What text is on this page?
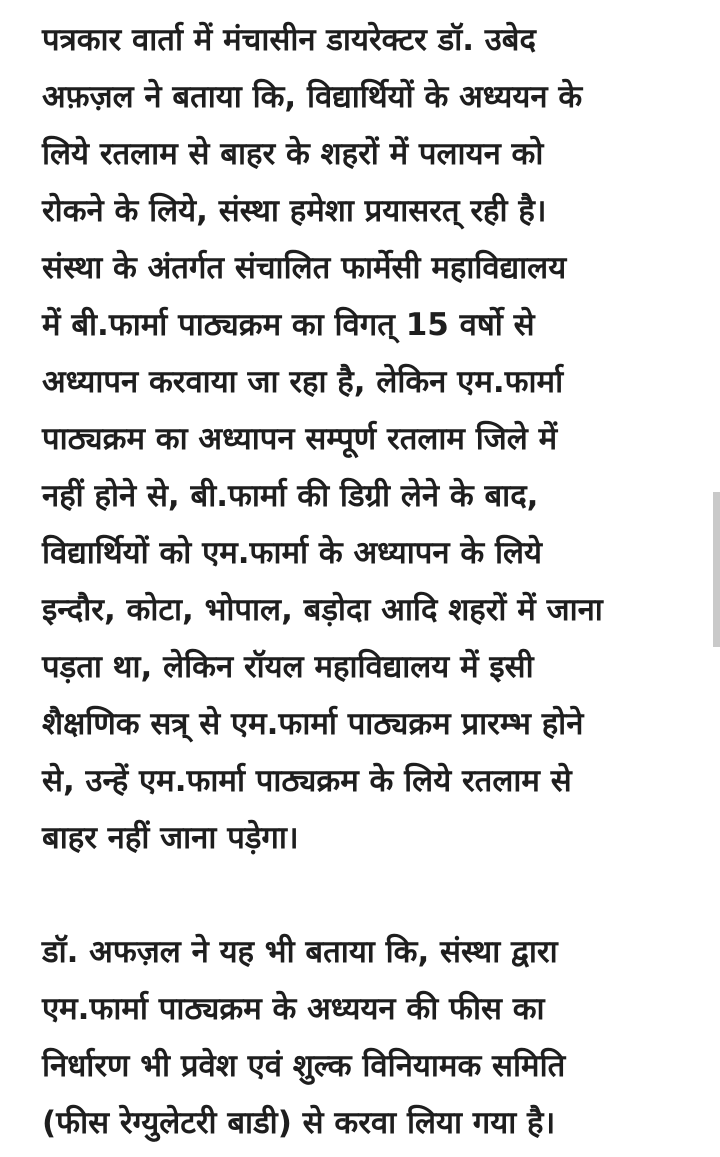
पत्रकार वार्ता में मंचासीन डायरेक्टर डॉ. उबेद
अफ़ज़ल ने बताया कि, विद्यार्थियों के अध्ययन के
लिये रतलाम से बाहर के शहरों में पलायन को
रोकने के लिये, संस्था हमेशा प्रयासरत् रही है।
संस्था के अंतर्गत संचालित फार्मेसी महाविद्यालय
में बी.फार्मा पाठ्यक्रम का विगत् 15 वर्षो से
अध्यापन करवाया जा रहा है, लेकिन एम.फार्मा
पाठ्यक्रम का अध्यापन सम्पूर्ण रतलाम जिले में
नहीं होने से, बी.फार्मा की डिग्री लेने के बाद,
विद्यार्थियों को एम.फार्मा के अध्यापन के लिये
इन्दौर, कोटा, भोपाल, बड़ोदा आदि शहरों में जाना
पड़ता था, लेकिन रॉयल महाविद्यालय में इसी
शैक्षणिक सत्र् से एम.फार्मा पाठ्यक्रम प्रारम्भ होने
से, उन्हें एम.फार्मा पाठ्यक्रम के लिये रतलाम से
बाहर नहीं जाना पड़ेगा।
डॉ. अफज़ल ने यह भी बताया कि, संस्था द्वारा
एम.फार्मा पाठ्यक्रम के अध्ययन की फीस का
निर्धारण भी प्रवेश एवं शुल्क विनियामक समिति
(फीस रेग्युलेटरी बाडी) से करवा लिया गया है।
